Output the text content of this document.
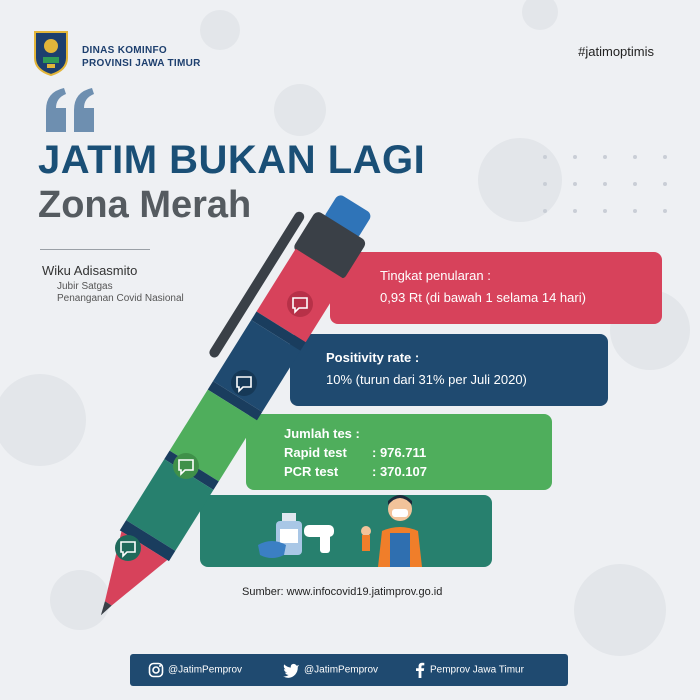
DINAS KOMINFO
PROVINSI JAWA TIMUR
#jatimoptimis
JATIM BUKAN LAGI
Zona Merah
Wiku Adisasmito
Jubir Satgas
Penanganan Covid Nasional
Tingkat penularan :
0,93 Rt (di bawah 1 selama 14 hari)
Positivity rate :
10% (turun dari 31% per Juli 2020)
Jumlah tes :
Rapid test : 976.711
PCR test	: 370.107
Sumber: www.infocovid19.jatimprov.go.id
@JatimPemprov	@JatimPemprov	Pemprov Jawa Timur
